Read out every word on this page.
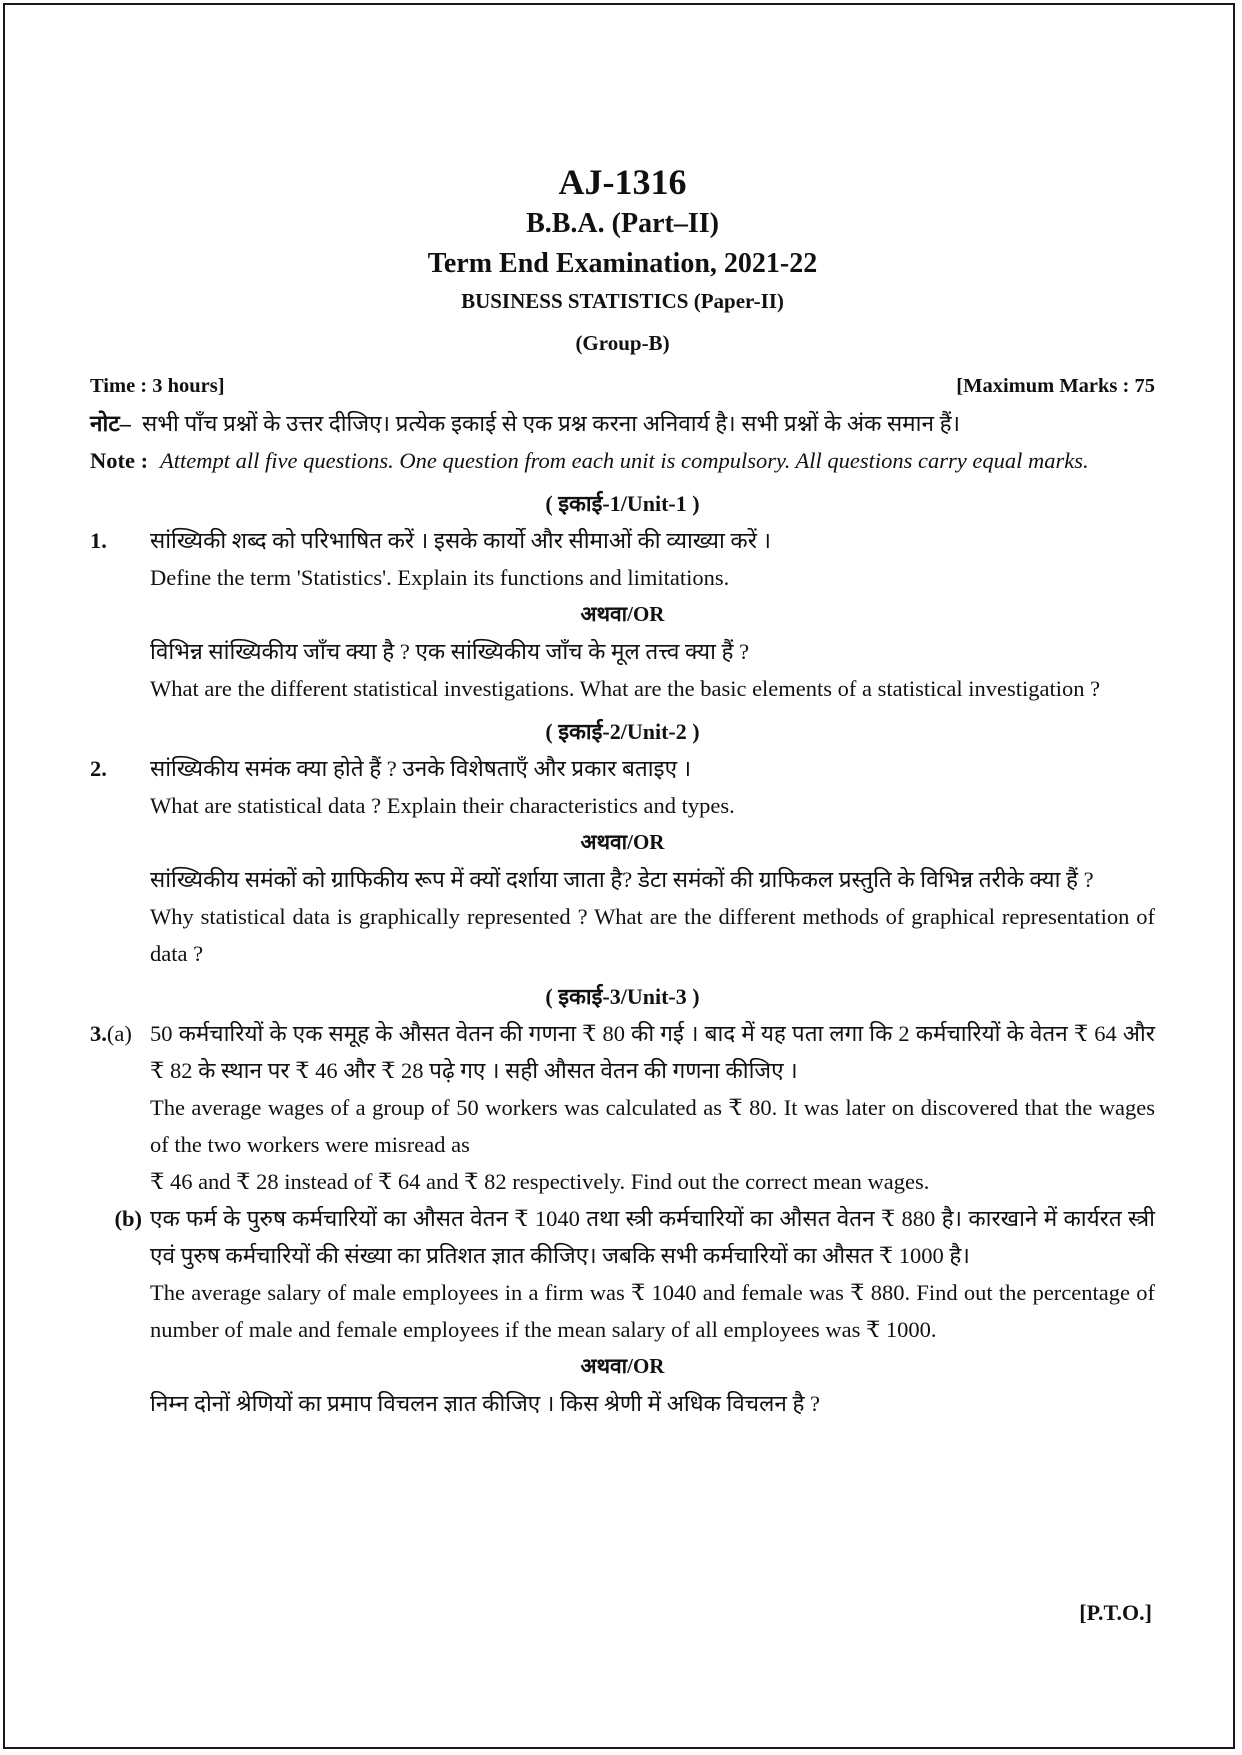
AJ-1316
B.B.A. (Part–II)
Term End Examination, 2021-22
BUSINESS STATISTICS (Paper-II)
(Group-B)
Time : 3 hours]	[Maximum Marks : 75
नोट– सभी पाँच प्रश्नों के उत्तर दीजिए। प्रत्येक इकाई से एक प्रश्न करना अनिवार्य है। सभी प्रश्नों के अंक समान हैं।
Note : Attempt all five questions. One question from each unit is compulsory. All questions carry equal marks.
( इकाई-1/Unit-1 )
1.	सांख्यिकी शब्द को परिभाषित करें । इसके कार्यो और सीमाओं की व्याख्या करें ।

Define the term 'Statistics'. Explain its functions and limitations.

अथवा/OR

विभिन्न सांख्यिकीय जाँच क्या है ? एक सांख्यिकीय जाँच के मूल तत्त्व क्या हैं ?

What are the different statistical investigations. What are the basic elements of a statistical investigation ?

( इकाई-2/Unit-2 )
2.	सांख्यिकीय समंक क्या होते हैं ? उनके विशेषताएँ और प्रकार बताइए ।

What are statistical data ? Explain their characteristics and types.

अथवा/OR

सांख्यिकीय समंकों को ग्राफिकीय रूप में क्यों दर्शाया जाता है? डेटा समंकों की ग्राफिकल प्रस्तुति के विभिन्न तरीके क्या हैं ?

Why statistical data is graphically represented ? What are the different methods of graphical representation of data ?

( इकाई-3/Unit-3 )
3.(a) 50 कर्मचारियों के एक समूह के औसत वेतन की गणना ₹ 80 की गई । बाद में यह पता लगा कि 2 कर्मचारियों के वेतन ₹ 64 और ₹ 82 के स्थान पर ₹ 46 और ₹ 28 पढ़े गए । सही औसत वेतन की गणना कीजिए ।

The average wages of a group of 50 workers was calculated as ₹ 80. It was later on discovered that the wages of the two workers were misread as

₹ 46 and ₹ 28 instead of ₹ 64 and ₹ 82 respectively. Find out the correct mean wages.

(b) एक फर्म के पुरुष कर्मचारियों का औसत वेतन ₹ 1040 तथा स्त्री कर्मचारियों का औसत वेतन ₹ 880 है। कारखाने में कार्यरत स्त्री एवं पुरुष कर्मचारियों की संख्या का प्रतिशत ज्ञात कीजिए। जबकि सभी कर्मचारियों का औसत ₹ 1000 है।

The average salary of male employees in a firm was ₹ 1040 and female was ₹ 880. Find out the percentage of number of male and female employees if the mean salary of all employees was ₹ 1000.

अथवा/OR

निम्न दोनों श्रेणियों का प्रमाप विचलन ज्ञात कीजिए । किस श्रेणी में अधिक विचलन है ?

[P.T.O.]
